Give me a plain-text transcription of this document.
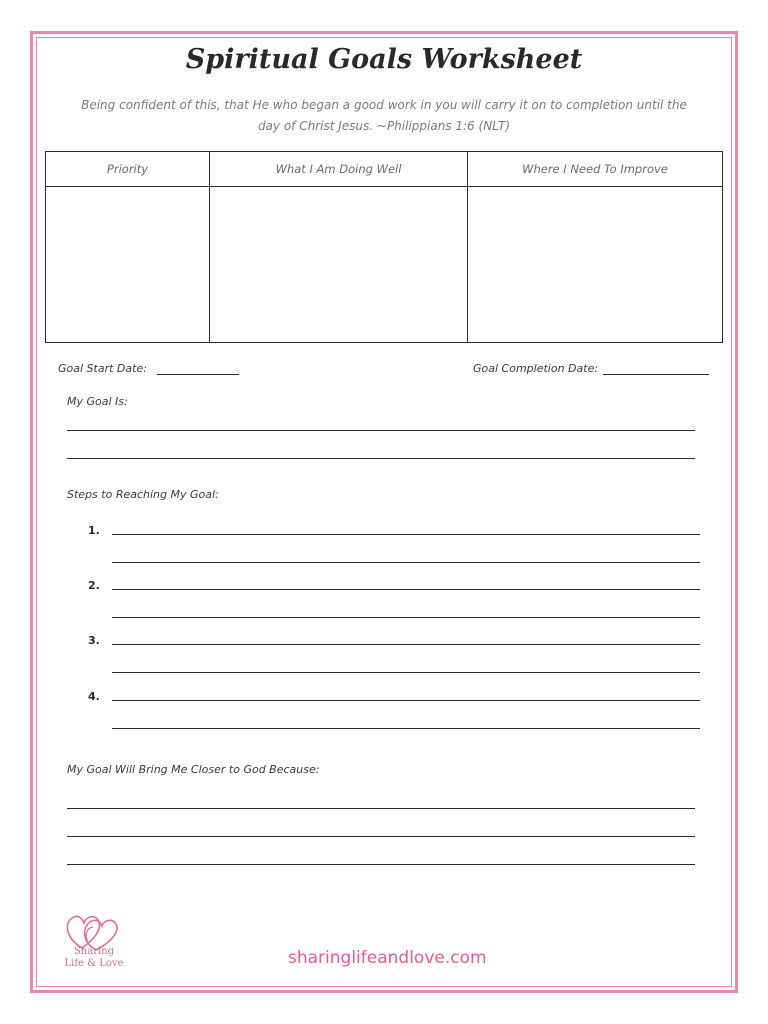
Spiritual Goals Worksheet
Being confident of this, that He who began a good work in you will carry it on to completion until the
day of Christ Jesus. ~Philippians 1:6 (NLT)
Priority	What I Am Doing Well	Where I Need To Improve

Goal Start Date:	Goal Completion Date:
My Goal Is:
Steps to Reaching My Goal:
1.
2.
3.
4.
My Goal Will Bring Me Closer to God Because:
Sharing
Life & Love	sharinglifeandlove.com
